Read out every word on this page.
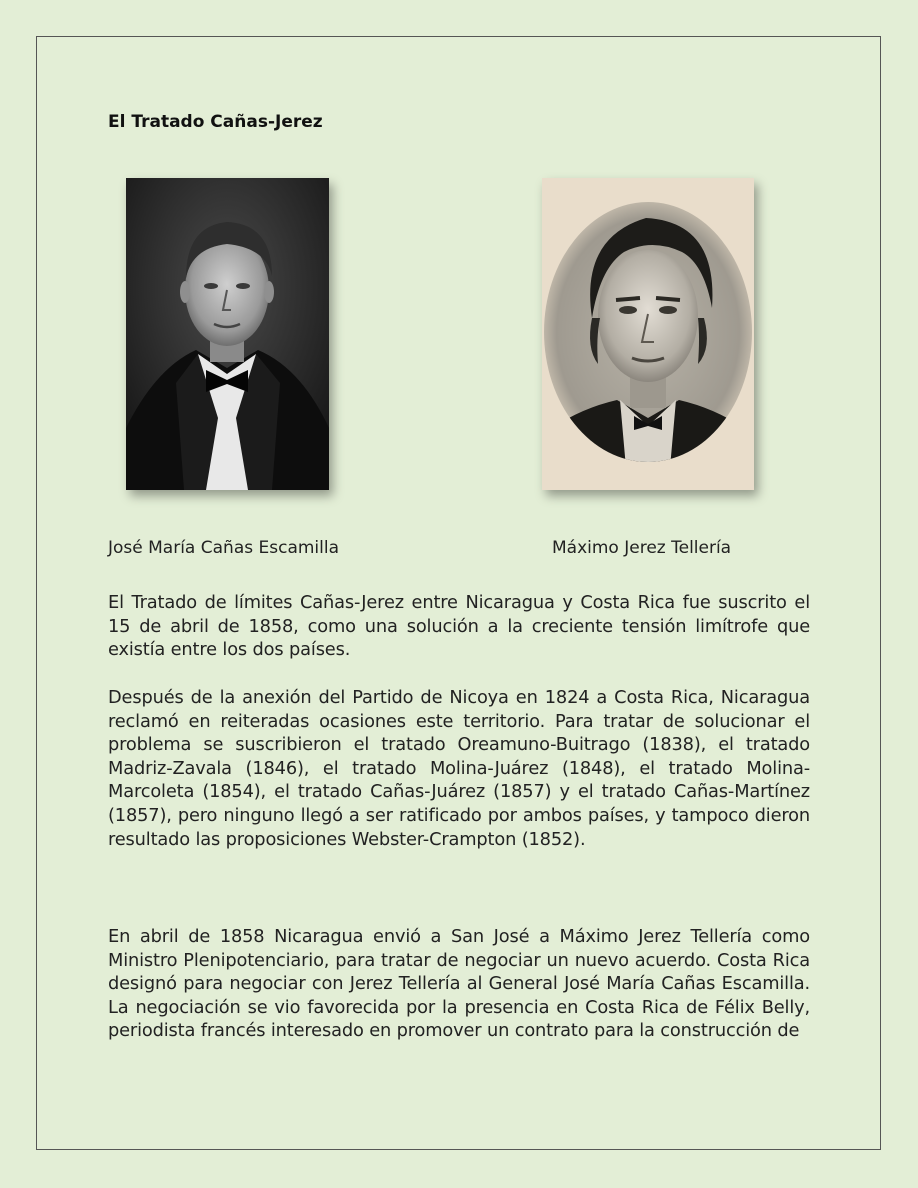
El Tratado Cañas-Jerez
José María Cañas Escamilla	Máximo Jerez Tellería

El Tratado de límites Cañas-Jerez entre Nicaragua y Costa Rica fue suscrito el 15 de abril de 1858, como una solución a la creciente tensión limítrofe que existía entre los dos países.

Después de la anexión del Partido de Nicoya en 1824 a Costa Rica, Nicaragua reclamó en reiteradas ocasiones este territorio. Para tratar de solucionar el problema se suscribieron el tratado Oreamuno-Buitrago (1838), el tratado Madriz-Zavala (1846), el tratado Molina-Juárez (1848), el tratado Molina-Marcoleta (1854), el tratado Cañas-Juárez (1857) y el tratado Cañas-Martínez (1857), pero ninguno llegó a ser ratificado por ambos países, y tampoco dieron resultado las proposiciones Webster-Crampton (1852).

En abril de 1858 Nicaragua envió a San José a Máximo Jerez Tellería como Ministro Plenipotenciario, para tratar de negociar un nuevo acuerdo. Costa Rica designó para negociar con Jerez Tellería al General José María Cañas Escamilla. La negociación se vio favorecida por la presencia en Costa Rica de Félix Belly, periodista francés interesado en promover un contrato para la construcción de
